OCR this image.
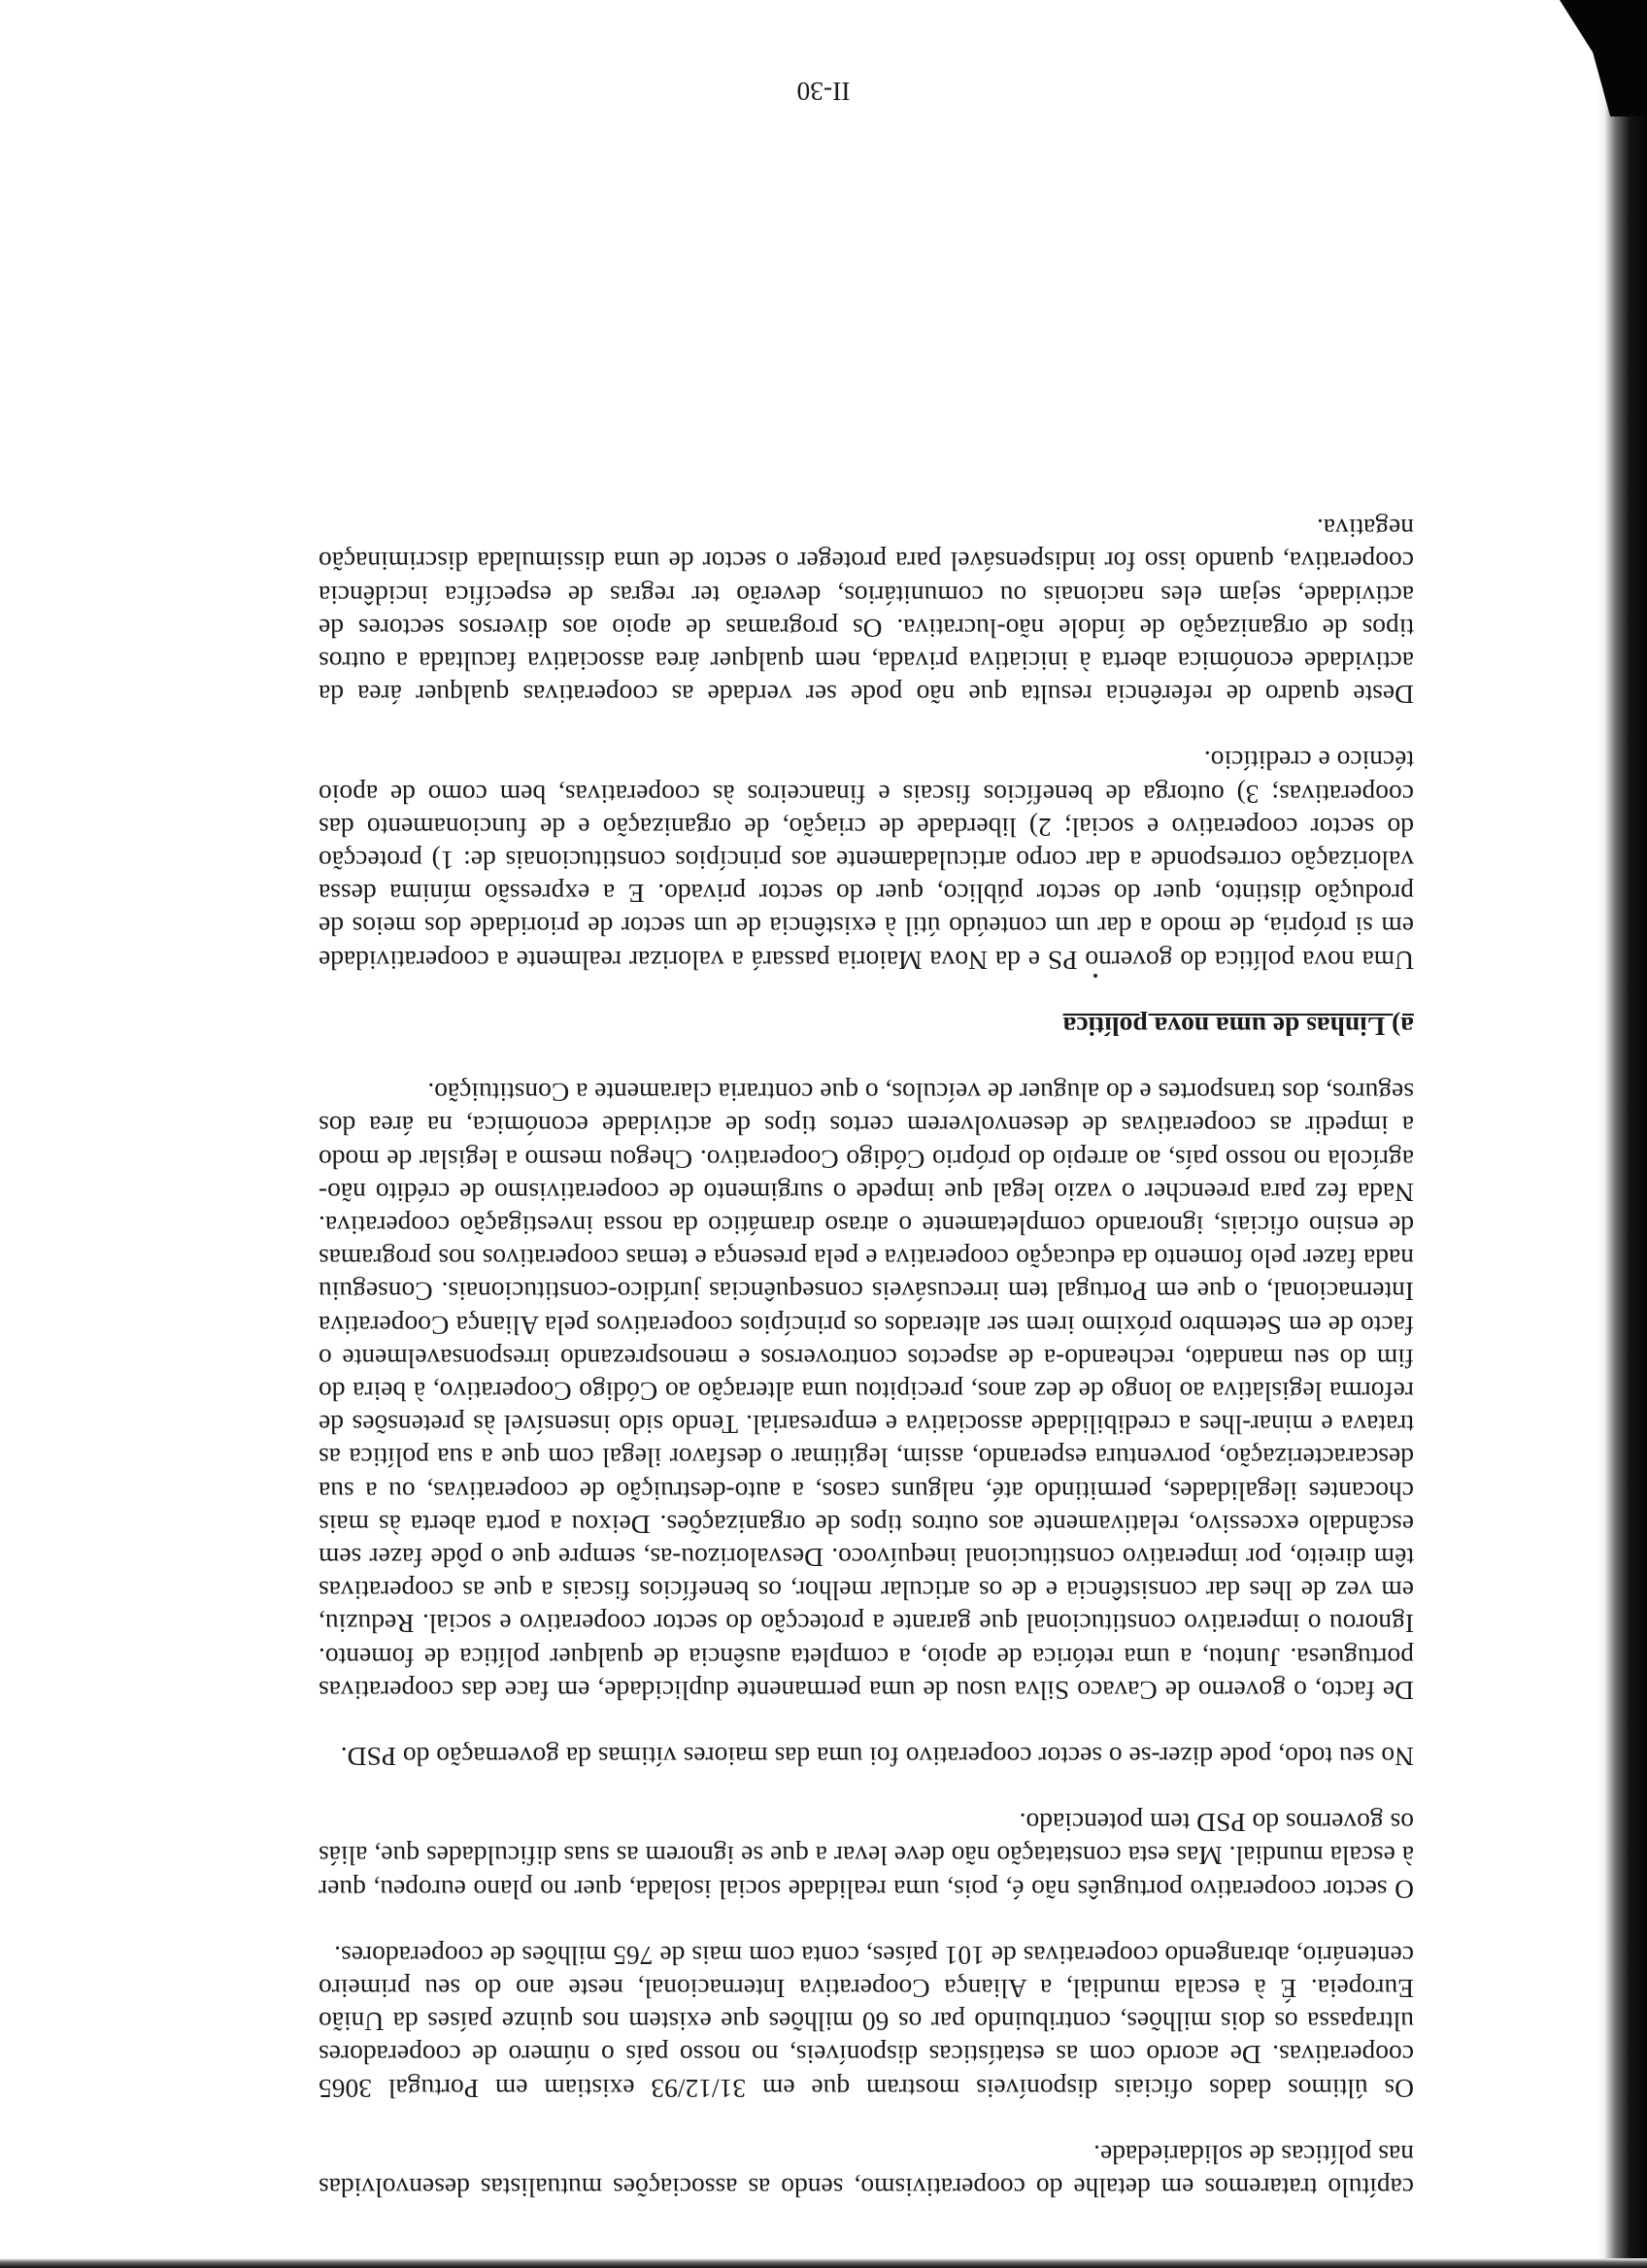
capítulo trataremos em detalhe do cooperativismo, sendo as associações mutualistas desenvolvidas nas políticas de solidariedade.

Os últimos dados oficiais disponíveis mostram que em 31/12/93 existiam em Portugal 3065 cooperativas. De acordo com as estatísticas disponíveis, no nosso país o número de cooperadores ultrapassa os dois milhões, contribuindo par os 60 milhões que existem nos quinze países da União Europeia. É à escala mundial, a Aliança Cooperativa Internacional, neste ano do seu primeiro centenário, abrangendo cooperativas de 101 países, conta com mais de 765 milhões de cooperadores.

O sector cooperativo português não é, pois, uma realidade social isolada, quer no plano europeu, quer à escala mundial. Mas esta constatação não deve levar a que se ignorem as suas dificuldades que, aliás os governos do PSD tem potenciado.

No seu todo, pode dizer-se o sector cooperativo foi uma das maiores vítimas da governação do PSD.

De facto, o governo de Cavaco Silva usou de uma permanente duplicidade, em face das cooperativas portuguesa. Juntou, a uma retórica de apoio, a completa ausência de qualquer política de fomento. Ignorou o imperativo constitucional que garante a protecção do sector cooperativo e social. Reduziu, em vez de lhes dar consistência e de os articular melhor, os benefícios fiscais a que as cooperativas têm direito, por imperativo constitucional inequívoco. Desvalorizou-as, sempre que o pôde fazer sem escândalo excessivo, relativamente aos outros tipos de organizações. Deixou a porta aberta às mais chocantes ilegalidades, permitindo até, nalguns casos, a auto-destruição de cooperativas, ou a sua descaracterização, porventura esperando, assim, legitimar o desfavor ilegal com que a sua política as tratava e minar-lhes a credibilidade associativa e empresarial. Tendo sido insensível às pretensões de reforma legislativa ao longo de dez anos, precipitou uma alteração ao Código Cooperativo, à beira do fim do seu mandato, recheando-a de aspectos controversos e menosprezando irresponsavelmente o facto de em Setembro próximo irem ser alterados os princípios cooperativos pela Aliança Cooperativa Internacional, o que em Portugal tem irrecusáveis consequências jurídico-constitucionais. Conseguiu nada fazer pelo fomento da educação cooperativa e pela presença e temas cooperativos nos programas de ensino oficiais, ignorando completamente o atraso dramático da nossa investigação cooperativa. Nada fez para preencher o vazio legal que impede o surgimento de cooperativismo de crédito não-agrícola no nosso país, ao arrepio do próprio Código Cooperativo. Chegou mesmo a legislar de modo a impedir as cooperativas de desenvolverem certos tipos de actividade económica, na área dos seguros, dos transportes e do aluguer de veículos, o que contraria claramente a Constituição.

a) Linhas de uma nova política

Uma nova política do governo PS e da Nova Maioria passará a valorizar realmente a cooperatividade em si própria, de modo a dar um conteúdo útil à existência de um sector de prioridade dos meios de produção distinto, quer do sector público, quer do sector privado. E a expressão mínima dessa valorização corresponde a dar corpo articuladamente aos princípios constitucionais de: 1) protecção do sector cooperativo e social; 2) liberdade de criação, de organização e de funcionamento das cooperativas; 3) outorga de benefícios fiscais e financeiros às cooperativas, bem como de apoio técnico e creditício.

Deste quadro de referência resulta que não pode ser verdade as cooperativas qualquer área da actividade económica aberta à iniciativa privada, nem qualquer área associativa facultada a outros tipos de organização de índole não-lucrativa. Os programas de apoio aos diversos sectores de actividade, sejam eles nacionais ou comunitários, deverão ter regras de específica incidência cooperativa, quando isso for indispensável para proteger o sector de uma dissimulada discriminação negativa.

II-30
